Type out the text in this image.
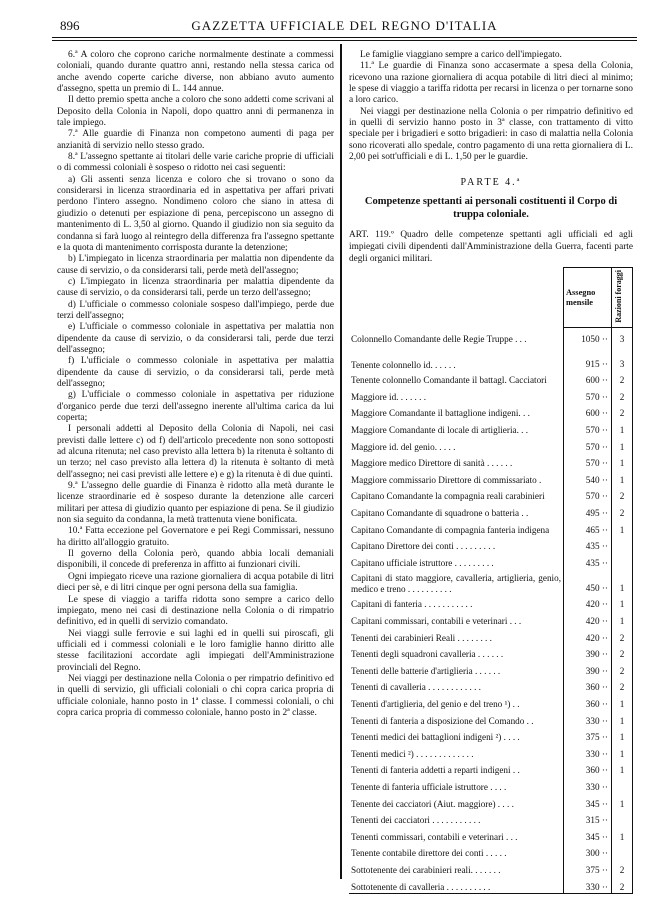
896	GAZZETTA UFFICIALE DEL REGNO D'ITALIA

6.ª A coloro che coprono cariche normalmente destinate a commessi coloniali, quando durante quattro anni, restando nella stessa carica od anche avendo coperte cariche diverse, non abbiano avuto aumento d'assegno, spetta un premio di L. 144 annue.

Il detto premio spetta anche a coloro che sono addetti come scrivani al Deposito della Colonia in Napoli, dopo quattro anni di permanenza in tale impiego.

7.ª Alle guardie di Finanza non competono aumenti di paga per anzianità di servizio nello stesso grado.

8.ª L'assegno spettante ai titolari delle varie cariche proprie di ufficiali o di commessi coloniali è sospeso o ridotto nei casi seguenti:

a) Gli assenti senza licenza e coloro che si trovano o sono da considerarsi in licenza straordinaria ed in aspettativa per affari privati perdono l'intero assegno. Nondimeno coloro che siano in attesa di giudizio o detenuti per espiazione di pena, percepiscono un assegno di mantenimento di L. 3,50 al giorno. Quando il giudizio non sia seguito da condanna si farà luogo al reintegro della differenza fra l'assegno spettante e la quota di mantenimento corrisposta durante la detenzione;

b) L'impiegato in licenza straordinaria per malattia non dipendente da cause di servizio, o da considerarsi tali, perde metà dell'assegno;

c) L'impiegato in licenza straordinaria per malattia dipendente da cause di servizio, o da considerarsi tali, perde un terzo dell'assegno;

d) L'ufficiale o commesso coloniale sospeso dall'impiego, perde due terzi dell'assegno;

e) L'ufficiale o commesso coloniale in aspettativa per malattia non dipendente da cause di servizio, o da considerarsi tali, perde due terzi dell'assegno;

f) L'ufficiale o commesso coloniale in aspettativa per malattia dipendente da cause di servizio, o da considerarsi tali, perde metà dell'assegno;

g) L'ufficiale o commesso coloniale in aspettativa per riduzione d'organico perde due terzi dell'assegno inerente all'ultima carica da lui coperta;

I personali addetti al Deposito della Colonia di Napoli, nei casi previsti dalle lettere c) od f) dell'articolo precedente non sono sottoposti ad alcuna ritenuta; nel caso previsto alla lettera b) la ritenuta è soltanto di un terzo; nel caso previsto alla lettera d) la ritenuta è soltanto di metà dell'assegno; nei casi previsti alle lettere e) e g) la ritenuta è di due quinti.

9.ª L'assegno delle guardie di Finanza è ridotto alla metà durante le licenze straordinarie ed è sospeso durante la detenzione alle carceri militari per attesa di giudizio quanto per espiazione di pena. Se il giudizio non sia seguito da condanna, la metà trattenuta viene bonificata.

10.ª Fatta eccezione pel Governatore e pei Regi Commissari, nessuno ha diritto all'alloggio gratuito.

Il governo della Colonia però, quando abbia locali demaniali disponibili, il concede di preferenza in affitto ai funzionari civili.

Ogni impiegato riceve una razione giornaliera di acqua potabile di litri dieci per sè, e di litri cinque per ogni persona della sua famiglia.

Le spese di viaggio a tariffa ridotta sono sempre a carico dello impiegato, meno nei casi di destinazione nella Colonia o di rimpatrio definitivo, ed in quelli di servizio comandato.

Nei viaggi sulle ferrovie e sui laghi ed in quelli sui piroscafi, gli ufficiali ed i commessi coloniali e le loro famiglie hanno diritto alle stesse facilitazioni accordate agli impiegati dell'Amministrazione provinciali del Regno.

Nei viaggi per destinazione nella Colonia o per rimpatrio definitivo ed in quelli di servizio, gli ufficiali coloniali o chi copra carica propria di ufficiale coloniale, hanno posto in 1ª classe. I commessi coloniali, o chi copra carica propria di commesso coloniale, hanno posto in 2ª classe.

Le famiglie viaggiano sempre a carico dell'impiegato.

11.ª Le guardie di Finanza sono accasermate a spesa della Colonia, ricevono una razione giornaliera di acqua potabile di litri dieci al minimo; le spese di viaggio a tariffa ridotta per recarsi in licenza o per tornarne sono a loro carico.

Nei viaggi per destinazione nella Colonia o per rimpatrio definitivo ed in quelli di servizio hanno posto in 3ª classe, con trattamento di vitto speciale per i brigadieri e sotto brigadieri: in caso di malattia nella Colonia sono ricoverati allo spedale, contro pagamento di una retta giornaliera di L. 2,00 pei sott'ufficiali e di L. 1,50 per le guardie.

PARTE 4.ª

Competenze spettanti ai personali costituenti il Corpo di truppa coloniale.

ART. 119.º Quadro delle competenze spettanti agli ufficiali ed agli impiegati civili dipendenti dall'Amministrazione della Guerra, facenti parte degli organici militari.

	Assegno mensile	Razioni foraggi
Colonnello Comandante delle Regie Truppe . . .	1050 ··	3
Tenente colonnello id. . . . . .	915 ··	3
Tenente colonnello Comandante il battagl. Cacciatori	600 ··	2
Maggiore id. . . . . . .	570 ··	2
Maggiore Comandante il battaglione indigeni. . .	600 ··	2
Maggiore Comandante di locale di artiglieria. . .	570 ··	1
Maggiore id. del genio. . . . .	570 ··	1
Maggiore medico Direttore di sanità . . . . . .	570 ··	1
Maggiore commissario Direttore di commissariato .	540 ··	1
Capitano Comandante la compagnia reali carabinieri	570 ··	2
Capitano Comandante di squadrone o batteria . .	495 ··	2
Capitano Comandante di compagnia fanteria indigena	465 ··	1
Capitano Direttore dei conti . . . . . . . . .	435 ··	
Capitano ufficiale istruttore . . . . . . . . .	435 ··	
Capitani di stato maggiore, cavalleria, artiglieria, genio, medico e treno . . . . . . . . . .	450 ··	1
Capitani di fanteria . . . . . . . . . . .	420 ··	1
Capitani commissari, contabili e veterinari . . .	420 ··	1
Tenenti dei carabinieri Reali . . . . . . . .	420 ··	2
Tenenti degli squadroni cavalleria . . . . . .	390 ··	2
Tenenti delle batterie d'artiglieria . . . . . .	390 ··	2
Tenenti di cavalleria . . . . . . . . . . . .	360 ··	2
Tenenti d'artiglieria, del genio e del treno ¹) . .	360 ··	1
Tenenti di fanteria a disposizione del Comando . .	330 ··	1
Tenenti medici dei battaglioni indigeni ²) . . . .	375 ··	1
Tenenti medici ²) . . . . . . . . . . . . .	330 ··	1
Tenenti di fanteria addetti a reparti indigeni . .	360 ··	1
Tenente di fanteria ufficiale istruttore . . . .	330 ··	
Tenente dei cacciatori (Aiut. maggiore) . . . .	345 ··	1
Tenenti dei cacciatori . . . . . . . . . . .	315 ··	
Tenenti commissari, contabili e veterinari . . .	345 ··	1
Tenente contabile direttore dei conti . . . . .	300 ··	
Sottotenente dei carabinieri reali. . . . . . .	375 ··	2
Sottotenente di cavalleria . . . . . . . . . .	330 ··	2
